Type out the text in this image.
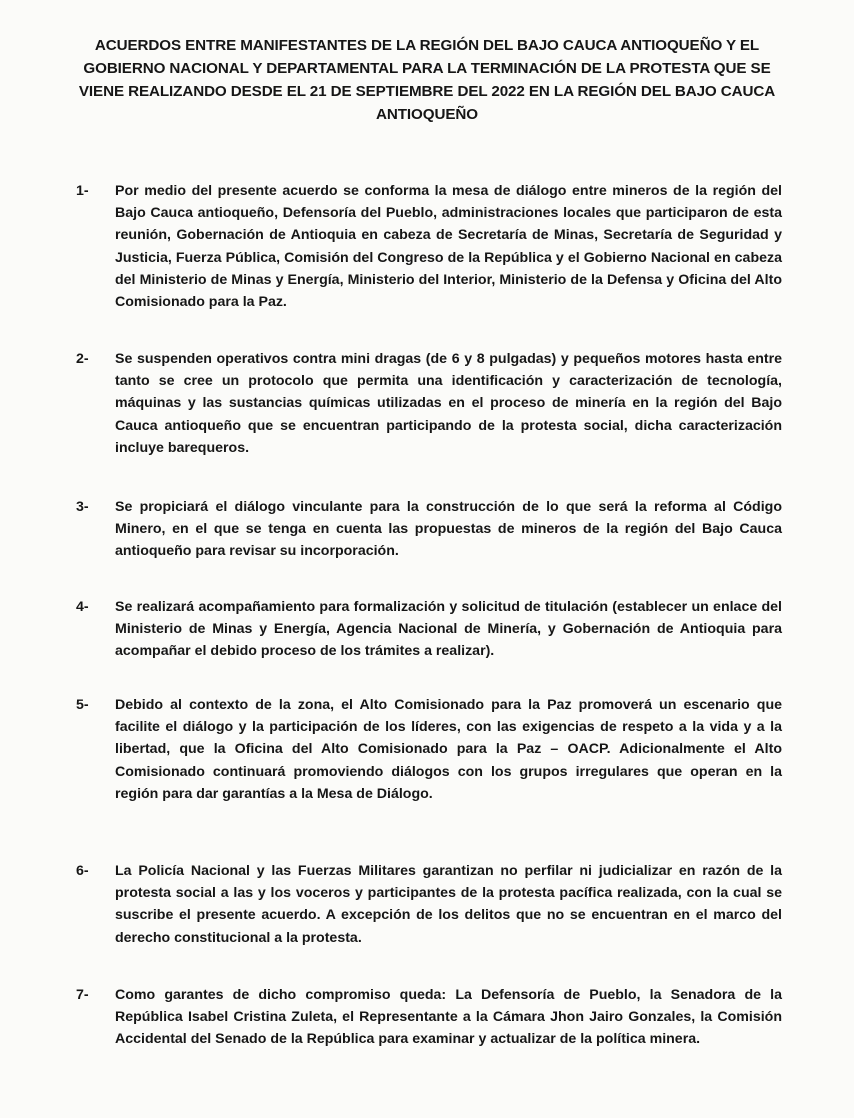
ACUERDOS ENTRE MANIFESTANTES DE LA REGIÓN DEL BAJO CAUCA ANTIOQUEÑO Y EL
GOBIERNO NACIONAL Y DEPARTAMENTAL PARA LA TERMINACIÓN DE LA PROTESTA QUE SE
VIENE REALIZANDO DESDE EL 21 DE SEPTIEMBRE DEL 2022 EN LA REGIÓN DEL BAJO CAUCA
ANTIOQUEÑO
1-	Por medio del presente acuerdo se conforma la mesa de diálogo entre mineros de la región del Bajo Cauca antioqueño, Defensoría del Pueblo, administraciones locales que participaron de esta reunión, Gobernación de Antioquia en cabeza de Secretaría de Minas, Secretaría de Seguridad y Justicia, Fuerza Pública, Comisión del Congreso de la República y el Gobierno Nacional en cabeza del Ministerio de Minas y Energía, Ministerio del Interior, Ministerio de la Defensa y Oficina del Alto Comisionado para la Paz.
2-	Se suspenden operativos contra mini dragas (de 6 y 8 pulgadas) y pequeños motores hasta entre tanto se cree un protocolo que permita una identificación y caracterización de tecnología, máquinas y las sustancias químicas utilizadas en el proceso de minería en la región del Bajo Cauca antioqueño que se encuentran participando de la protesta social, dicha caracterización incluye barequeros.
3-	Se propiciará el diálogo vinculante para la construcción de lo que será la reforma al Código Minero, en el que se tenga en cuenta las propuestas de mineros de la región del Bajo Cauca antioqueño para revisar su incorporación.
4-	Se realizará acompañamiento para formalización y solicitud de titulación (establecer un enlace del Ministerio de Minas y Energía, Agencia Nacional de Minería, y Gobernación de Antioquia para acompañar el debido proceso de los trámites a realizar).
5-	Debido al contexto de la zona, el Alto Comisionado para la Paz promoverá un escenario que facilite el diálogo y la participación de los líderes, con las exigencias de respeto a la vida y a la libertad, que la Oficina del Alto Comisionado para la Paz – OACP. Adicionalmente el Alto Comisionado continuará promoviendo diálogos con los grupos irregulares que operan en la región para dar garantías a la Mesa de Diálogo.
6-	La Policía Nacional y las Fuerzas Militares garantizan no perfilar ni judicializar en razón de la protesta social a las y los voceros y participantes de la protesta pacífica realizada, con la cual se suscribe el presente acuerdo. A excepción de los delitos que no se encuentran en el marco del derecho constitucional a la protesta.
7-	Como garantes de dicho compromiso queda: La Defensoría de Pueblo, la Senadora de la República Isabel Cristina Zuleta, el Representante a la Cámara Jhon Jairo Gonzales, la Comisión Accidental del Senado de la República para examinar y actualizar de la política minera.
